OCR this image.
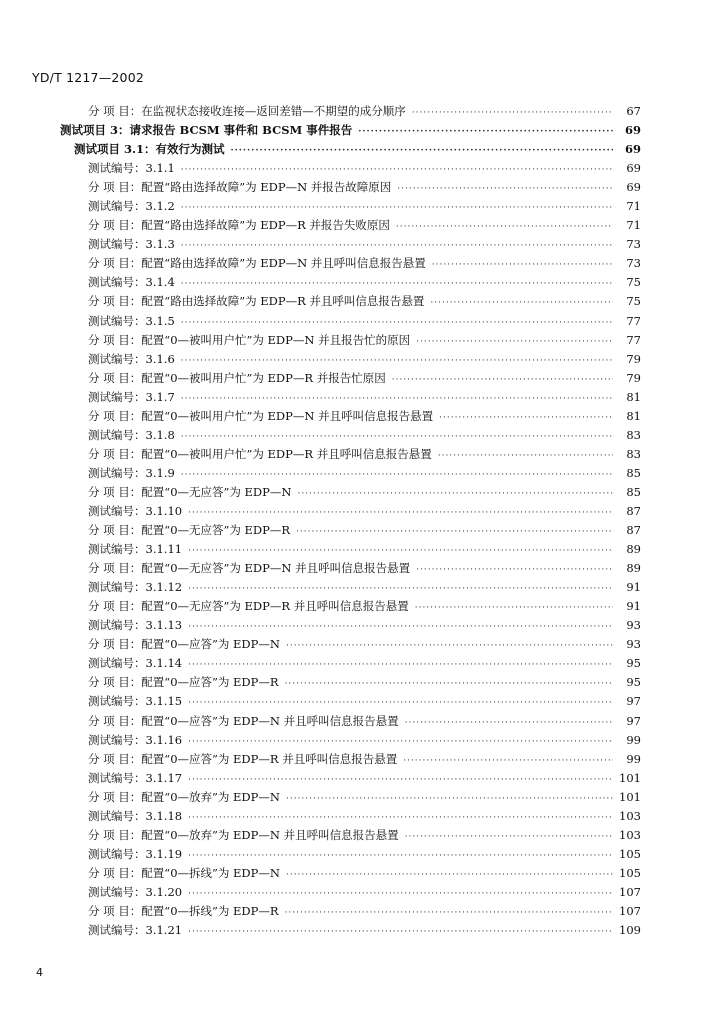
YD/T 1217—2002
分 项 目：在监视状态接收连接—返回差错—不期望的成分顺序 ·····	67
测试项目 3：请求报告 BCSM 事件和 BCSM 事件报告 ·····	69
测试项目 3.1：有效行为测试 ·····	69
测试编号：3.1.1 ·····	69
分 项 目：配置“路由选择故障”为 EDP—N 并报告故障原因 ·····	69
测试编号：3.1.2 ·····	71
分 项 目：配置“路由选择故障”为 EDP—R 并报告失败原因 ·····	71
测试编号：3.1.3 ·····	73
分 项 目：配置“路由选择故障”为 EDP—N 并且呼叫信息报告悬置 ·····	73
测试编号：3.1.4 ·····	75
分 项 目：配置“路由选择故障”为 EDP—R 并且呼叫信息报告悬置 ·····	75
测试编号：3.1.5 ·····	77
分 项 目：配置“0—被叫用户忙”为 EDP—N 并且报告忙的原因 ·····	77
测试编号：3.1.6 ·····	79
分 项 目：配置“0—被叫用户忙”为 EDP—R 并报告忙原因 ·····	79
测试编号：3.1.7 ·····	81
分 项 目：配置“0—被叫用户忙”为 EDP—N 并且呼叫信息报告悬置 ·····	81
测试编号：3.1.8 ·····	83
分 项 目：配置“0—被叫用户忙”为 EDP—R 并且呼叫信息报告悬置 ·····	83
测试编号：3.1.9 ·····	85
分 项 目：配置“0—无应答”为 EDP—N ·····	85
测试编号：3.1.10 ·····	87
分 项 目：配置“0—无应答”为 EDP—R ·····	87
测试编号：3.1.11 ·····	89
分 项 目：配置“0—无应答”为 EDP—N 并且呼叫信息报告悬置 ·····	89
测试编号：3.1.12 ·····	91
分 项 目：配置“0—无应答”为 EDP—R 并且呼叫信息报告悬置 ·····	91
测试编号：3.1.13 ·····	93
分 项 目：配置“0—应答”为 EDP—N ·····	93
测试编号：3.1.14 ·····	95
分 项 目：配置“0—应答”为 EDP—R ·····	95
测试编号：3.1.15 ·····	97
分 项 目：配置“0—应答”为 EDP—N 并且呼叫信息报告悬置 ·····	97
测试编号：3.1.16 ·····	99
分 项 目：配置“0—应答”为 EDP—R 并且呼叫信息报告悬置 ·····	99
测试编号：3.1.17 ·····	101
分 项 目：配置“0—放弃”为 EDP—N ·····	101
测试编号：3.1.18 ·····	103
分 项 目：配置“0—放弃”为 EDP—N 并且呼叫信息报告悬置 ·····	103
测试编号：3.1.19 ·····	105
分 项 目：配置“0—拆线”为 EDP—N ·····	105
测试编号：3.1.20 ·····	107
分 项 目：配置“0—拆线”为 EDP—R ·····	107
测试编号：3.1.21 ·····	109
4
